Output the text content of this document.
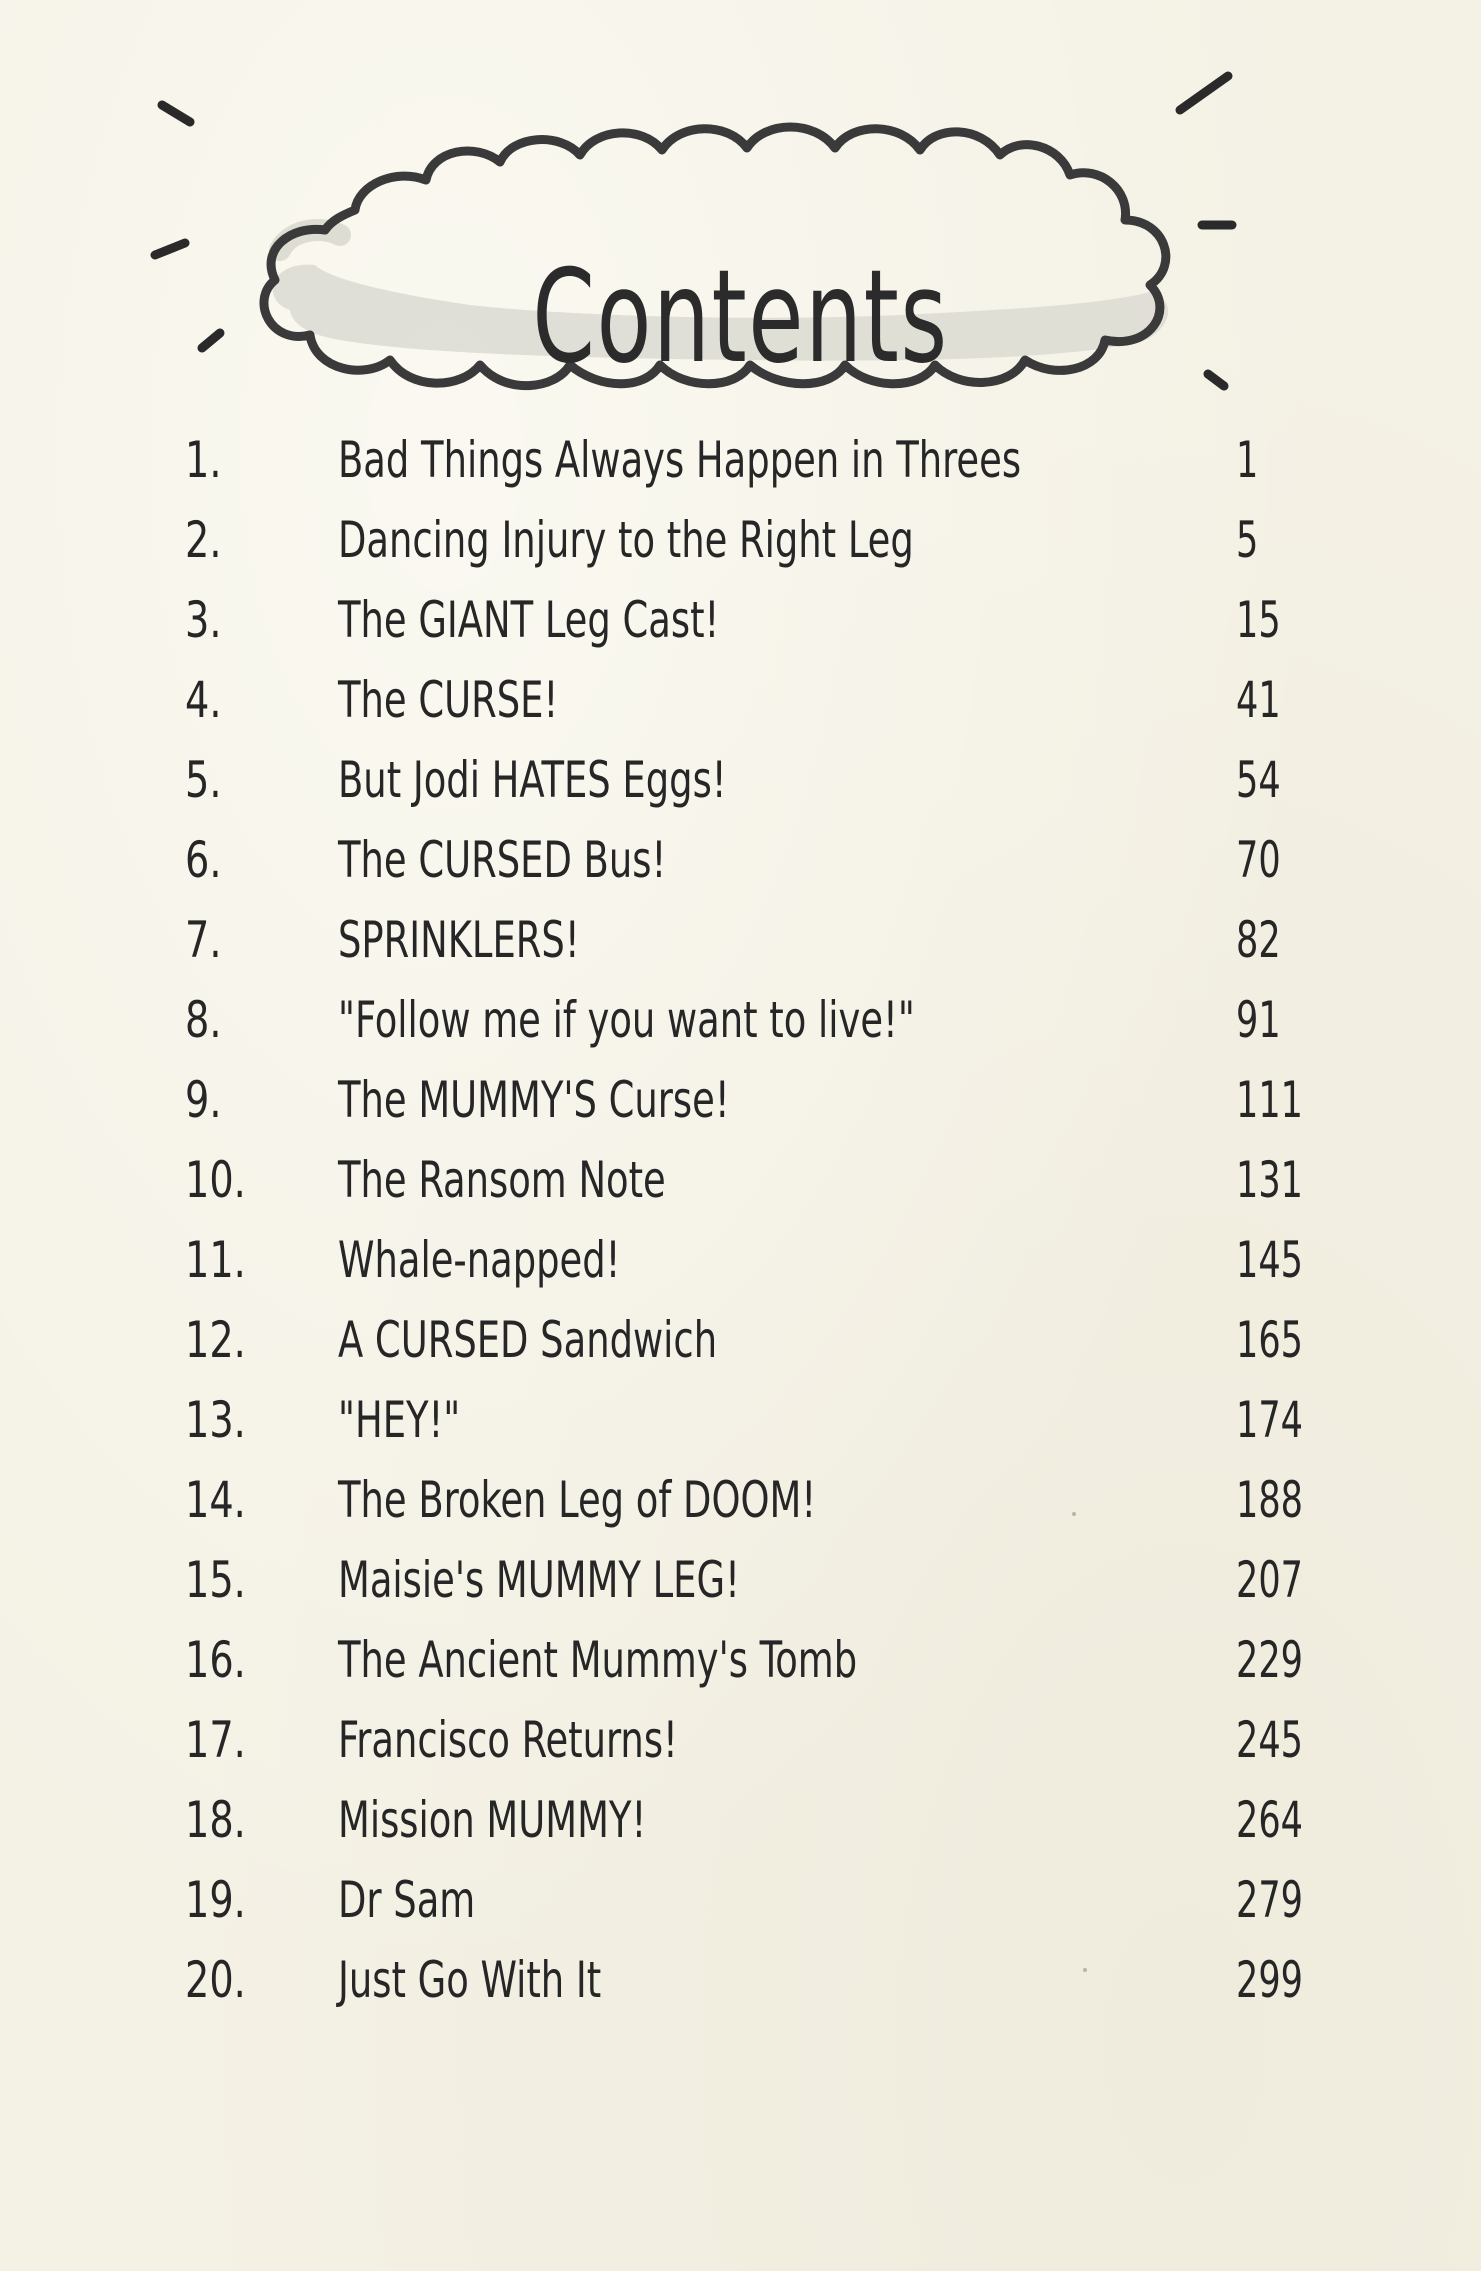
Contents
1.	Bad Things Always Happen in Threes	1
2.	Dancing Injury to the Right Leg	5
3.	The GIANT Leg Cast!	15
4.	The CURSE!	41
5.	But Jodi HATES Eggs!	54
6.	The CURSED Bus!	70
7.	SPRINKLERS!	82
8.	"Follow me if you want to live!"	91
9.	The MUMMY'S Curse!	111
10.	The Ransom Note	131
11.	Whale-napped!	145
12.	A CURSED Sandwich	165
13.	"HEY!"	174
14.	The Broken Leg of DOOM!	188
15.	Maisie's MUMMY LEG!	207
16.	The Ancient Mummy's Tomb	229
17.	Francisco Returns!	245
18.	Mission MUMMY!	264
19.	Dr Sam	279
20.	Just Go With It	299
